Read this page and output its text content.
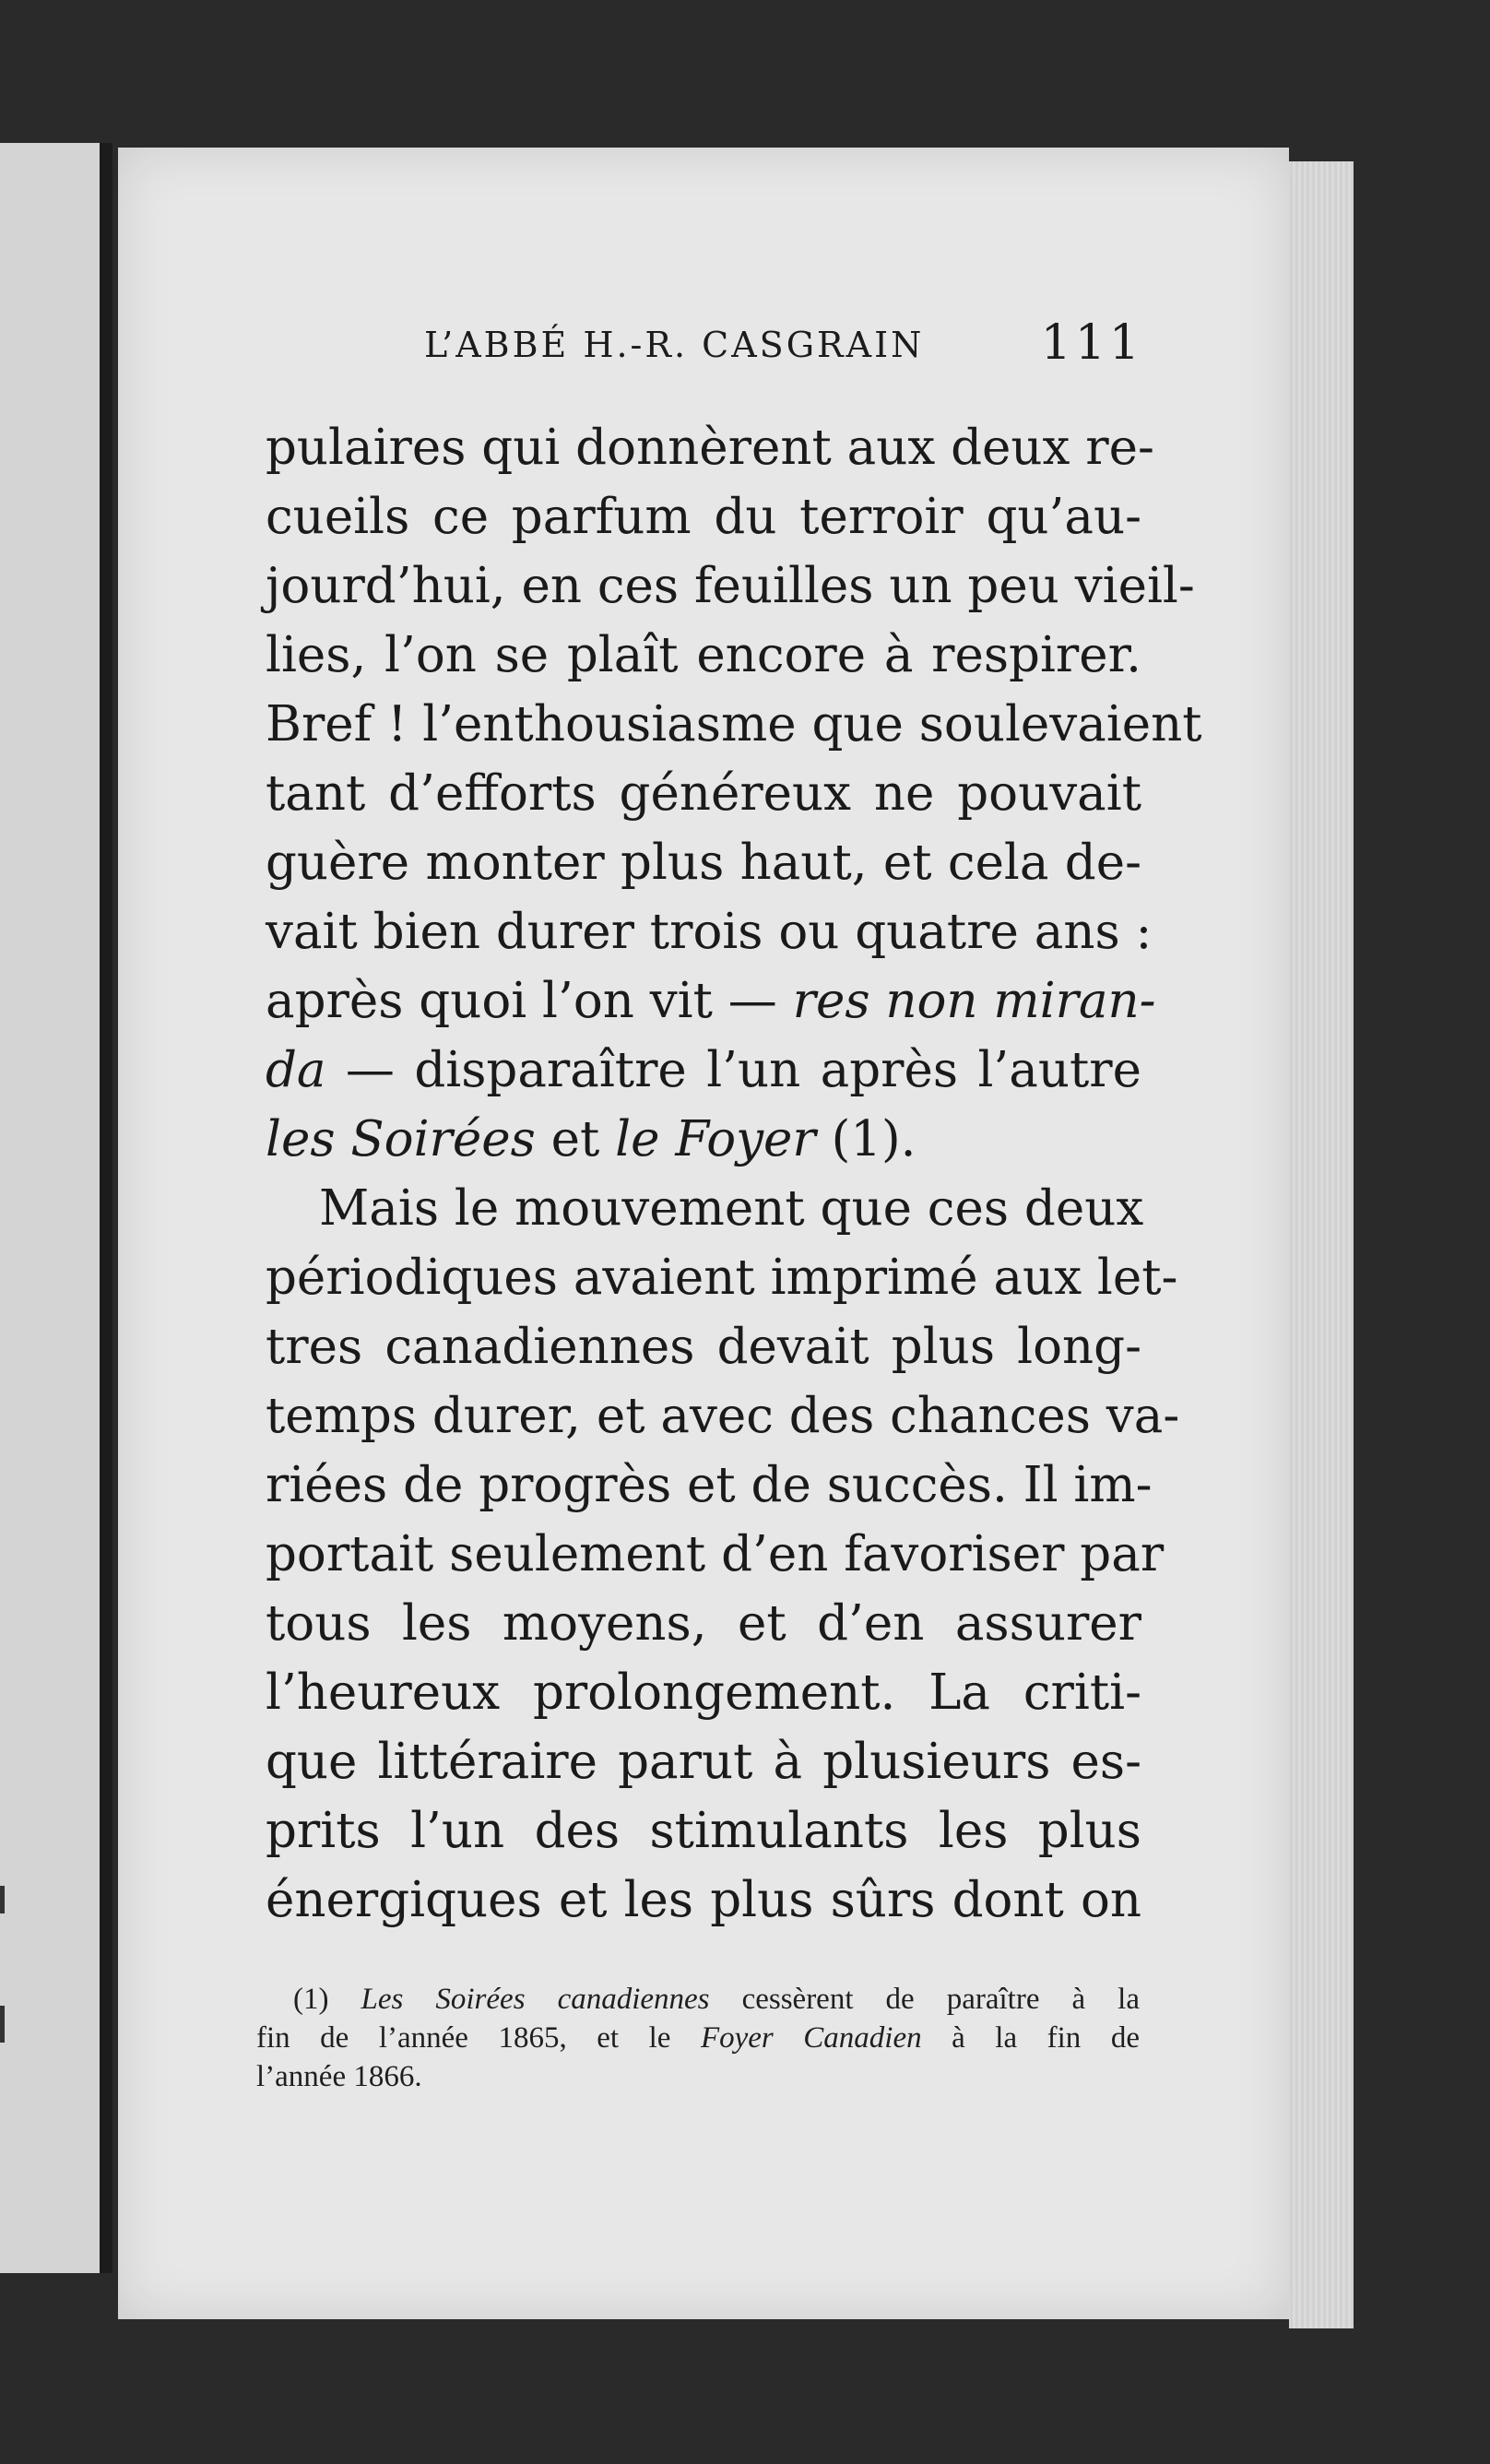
L’ABBÉ H.-R. CASGRAIN 111
pulaires qui donnèrent aux deux re-
cueils ce parfum du terroir qu’au-
jourd’hui, en ces feuilles un peu vieil-
lies, l’on se plaît encore à respirer.
Bref ! l’enthousiasme que soulevaient
tant d’efforts généreux ne pouvait
guère monter plus haut, et cela de-
vait bien durer trois ou quatre ans :
après quoi l’on vit — res non miran-
da — disparaître l’un après l’autre
les Soirées et le Foyer (1).
Mais le mouvement que ces deux
périodiques avaient imprimé aux let-
tres canadiennes devait plus long-
temps durer, et avec des chances va-
riées de progrès et de succès. Il im-
portait seulement d’en favoriser par
tous les moyens, et d’en assurer
l’heureux prolongement. La criti-
que littéraire parut à plusieurs es-
prits l’un des stimulants les plus
énergiques et les plus sûrs dont on
(1) Les Soirées canadiennes cessèrent de paraître à la
fin de l’année 1865, et le Foyer Canadien à la fin de
l’année 1866.
